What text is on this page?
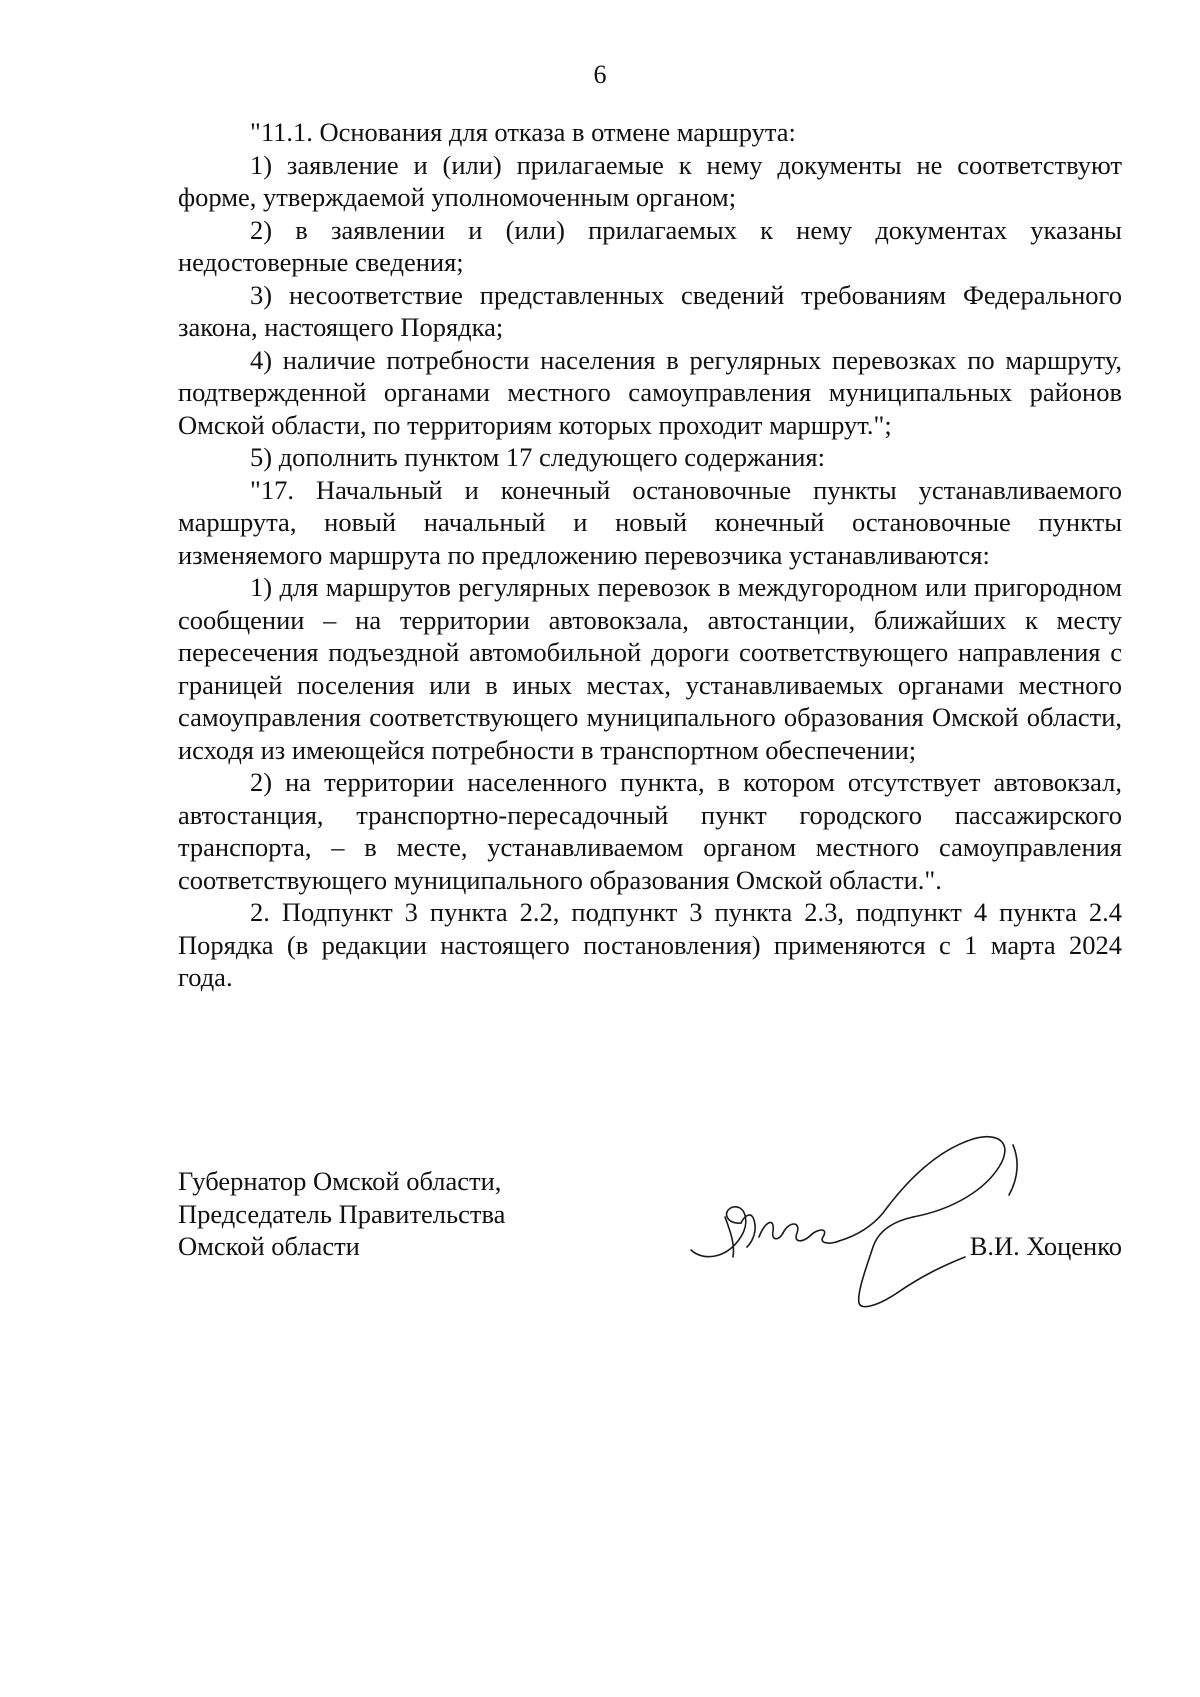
6

"11.1. Основания для отказа в отмене маршрута:

1) заявление и (или) прилагаемые к нему документы не соответствуют форме, утверждаемой уполномоченным органом;

2) в заявлении и (или) прилагаемых к нему документах указаны недостоверные сведения;

3) несоответствие представленных сведений требованиям Федерального закона, настоящего Порядка;

4) наличие потребности населения в регулярных перевозках по маршруту, подтвержденной органами местного самоуправления муниципальных районов Омской области, по территориям которых проходит маршрут.";

5) дополнить пунктом 17 следующего содержания:

"17. Начальный и конечный остановочные пункты устанавливаемого маршрута, новый начальный и новый конечный остановочные пункты изменяемого маршрута по предложению перевозчика устанавливаются:

1) для маршрутов регулярных перевозок в междугородном или пригородном сообщении – на территории автовокзала, автостанции, ближайших к месту пересечения подъездной автомобильной дороги соответствующего направления с границей поселения или в иных местах, устанавливаемых органами местного самоуправления соответствующего муниципального образования Омской области, исходя из имеющейся потребности в транспортном обеспечении;

2) на территории населенного пункта, в котором отсутствует автовокзал, автостанция, транспортно-пересадочный пункт городского пассажирского транспорта, – в месте, устанавливаемом органом местного самоуправления соответствующего муниципального образования Омской области.".

2. Подпункт 3 пункта 2.2, подпункт 3 пункта 2.3, подпункт 4 пункта 2.4 Порядка (в редакции настоящего постановления) применяются с 1 марта 2024 года.

Губернатор Омской области,
Председатель Правительства
Омской области	В.И. Хоценко
